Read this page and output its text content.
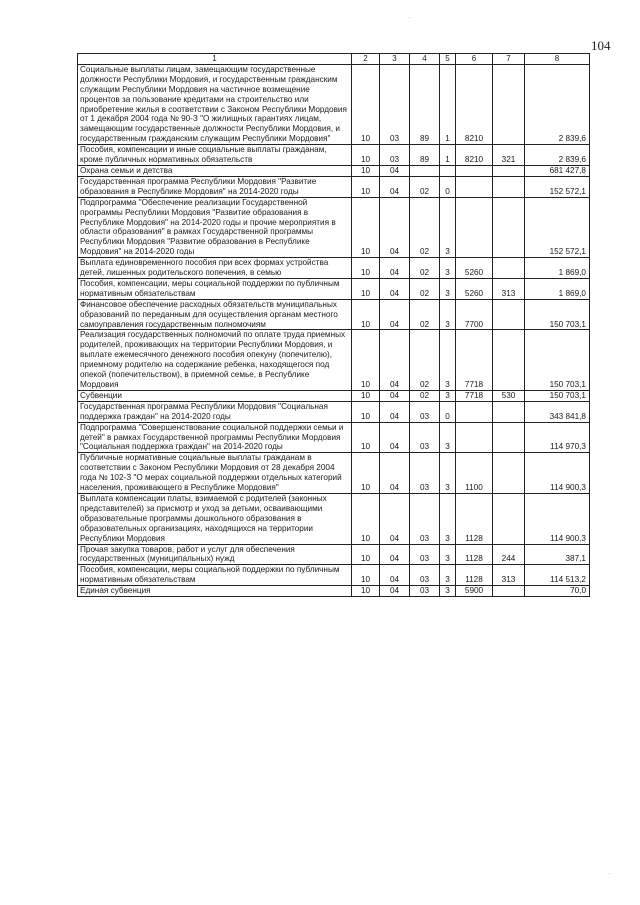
104
·
·
1	2	3	4	5	6	7	8
Социальные выплаты лицам, замещающим государственные должности Республики Мордовия, и государственным гражданским служащим Республики Мордовия на частичное возмещение процентов за пользование кредитами на строительство или приобретение жилья в соответствии с Законом Республики Мордовия от 1 декабря 2004 года № 90-З "О жилищных гарантиях лицам, замещающим государственные должности Республики Мордовия, и государственным гражданским служащим Республики Мордовия"	10	03	89	1	8210		2 839,6
Пособия, компенсации и иные социальные выплаты гражданам, кроме публичных нормативных обязательств	10	03	89	1	8210	321	2 839,6
Охрана семьи и детства	10	04					681 427,8
Государственная программа Республики Мордовия "Развитие образования в Республике Мордовия" на 2014-2020 годы	10	04	02	0			152 572,1
Подпрограмма "Обеспечение реализации Государственной программы Республики Мордовия "Развитие образования в Республике Мордовия" на 2014-2020 годы и прочие мероприятия в области образования" в рамках Государственной программы Республики Мордовия "Развитие образования в Республике Мордовия" на 2014-2020 годы	10	04	02	3			152 572,1
Выплата единовременного пособия при всех формах устройства детей, лишенных родительского попечения, в семью	10	04	02	3	5260		1 869,0
Пособия, компенсации, меры социальной поддержки по публичным нормативным обязательствам	10	04	02	3	5260	313	1 869,0
Финансовое обеспечение расходных обязательств муниципальных образований по переданным для осуществления органам местного самоуправления государственным полномочиям	10	04	02	3	7700		150 703,1
Реализация государственных полномочий по оплате труда приемных родителей, проживающих на территории Республики Мордовия, и выплате ежемесячного денежного пособия опекуну (попечителю), приемному родителю на содержание ребенка, находящегося под опекой (попечительством), в приемной семье, в Республике Мордовия	10	04	02	3	7718		150 703,1
Субвенции	10	04	02	3	7718	530	150 703,1
Государственная программа Республики Мордовия "Социальная поддержка граждан" на 2014-2020 годы	10	04	03	0			343 841,8
Подпрограмма "Совершенствование социальной поддержки семьи и детей" в рамках Государственной программы Республики Мордовия "Социальная поддержка граждан" на 2014-2020 годы	10	04	03	3			114 970,3
Публичные нормативные социальные выплаты гражданам в соответствии с Законом Республики Мордовия от 28 декабря 2004 года № 102-З "О мерах социальной поддержки отдельных категорий населения, проживающего в Республике Мордовия"	10	04	03	3	1100		114 900,3
Выплата компенсации платы, взимаемой с родителей (законных представителей) за присмотр и уход за детьми, осваивающими образовательные программы дошкольного образования в образовательных организациях, находящихся на территории Республики Мордовия	10	04	03	3	1128		114 900,3
Прочая закупка товаров, работ и услуг для обеспечения государственных (муниципальных) нужд	10	04	03	3	1128	244	387,1
Пособия, компенсации, меры социальной поддержки по публичным нормативным обязательствам	10	04	03	3	1128	313	114 513,2
Единая субвенция	10	04	03	3	5900		70,0
